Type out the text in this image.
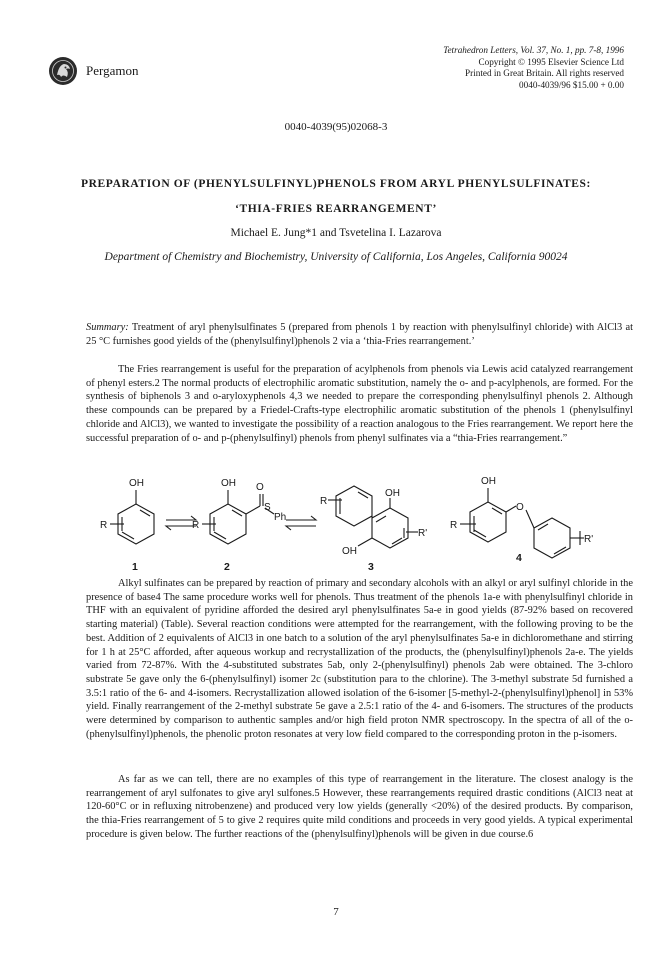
Pergamon
Tetrahedron Letters, Vol. 37, No. 1, pp. 7-8, 1996
Copyright © 1995 Elsevier Science Ltd
Printed in Great Britain. All rights reserved
0040-4039/96 $15.00 + 0.00
0040-4039(95)02068-3
PREPARATION OF (PHENYLSULFINYL)PHENOLS FROM ARYL PHENYLSULFINATES:
‘THIA-FRIES REARRANGEMENT’
Michael E. Jung*1 and Tsvetelina I. Lazarova
Department of Chemistry and Biochemistry, University of California, Los Angeles, California 90024
Summary: Treatment of aryl phenylsulfinates 5 (prepared from phenols 1 by reaction with phenylsulfinyl chloride) with AlCl3 at 25 °C furnishes good yields of the (phenylsulfinyl)phenols 2 via a ‘thia-Fries rearrangement.’
The Fries rearrangement is useful for the preparation of acylphenols from phenols via Lewis acid catalyzed rearrangement of phenyl esters.2 The normal products of electrophilic aromatic substitution, namely the o- and p-acylphenols, are formed. For the synthesis of biphenols 3 and o-aryloxyphenols 4,3 we needed to prepare the corresponding phenylsulfinyl phenols 2. Although these compounds can be prepared by a Friedel-Crafts-type electrophilic aromatic substitution of the phenols 1 (phenylsulfinyl chloride and AlCl3), we wanted to investigate the possibility of a reaction analogous to the Fries rearrangement. We report here the successful preparation of o- and p-(phenylsulfinyl) phenols from phenyl sulfinates via a “thia-Fries rearrangement.”
OH
R
OH O
S
Ph
R
R
OH
OH
R'
OH
O
R
R'
1	2	3
4
Alkyl sulfinates can be prepared by reaction of primary and secondary alcohols with an alkyl or aryl sulfinyl chloride in the presence of base4 The same procedure works well for phenols. Thus treatment of the phenols 1a-e with phenylsulfinyl chloride in THF with an equivalent of pyridine afforded the desired aryl phenylsulfinates 5a-e in good yields (87-92% based on recovered starting material) (Table). Several reaction conditions were attempted for the rearrangement, with the following proving to be the best. Addition of 2 equivalents of AlCl3 in one batch to a solution of the aryl phenylsulfinates 5a-e in dichloromethane and stirring for 1 h at 25°C afforded, after aqueous workup and recrystallization of the products, the (phenylsulfinyl)phenols 2a-e. The yields varied from 72-87%. With the 4-substituted substrates 5ab, only 2-(phenylsulfinyl) phenols 2ab were obtained. The 3-chloro substrate 5e gave only the 6-(phenylsulfinyl) isomer 2c (substitution para to the chlorine). The 3-methyl substrate 5d furnished a 3.5:1 ratio of the 6- and 4-isomers. Recrystallization allowed isolation of the 6-isomer [5-methyl-2-(phenylsulfinyl)phenol] in 53% yield. Finally rearrangement of the 2-methyl substrate 5e gave a 2.5:1 ratio of the 4- and 6-isomers. The structures of the products were determined by comparison to authentic samples and/or high field proton NMR spectroscopy. In the spectra of all of the o-(phenylsulfinyl)phenols, the phenolic proton resonates at very low field compared to the corresponding proton in the p-isomers.
As far as we can tell, there are no examples of this type of rearrangement in the literature. The closest analogy is the rearrangement of aryl sulfonates to give aryl sulfones.5 However, these rearrangements required drastic conditions (AlCl3 neat at 120-60°C or in refluxing nitrobenzene) and produced very low yields (generally <20%) of the desired products. By comparison, the thia-Fries rearrangement of 5 to give 2 requires quite mild conditions and proceeds in very good yields. A typical experimental procedure is given below. The further reactions of the (phenylsulfinyl)phenols will be given in due course.6
7
